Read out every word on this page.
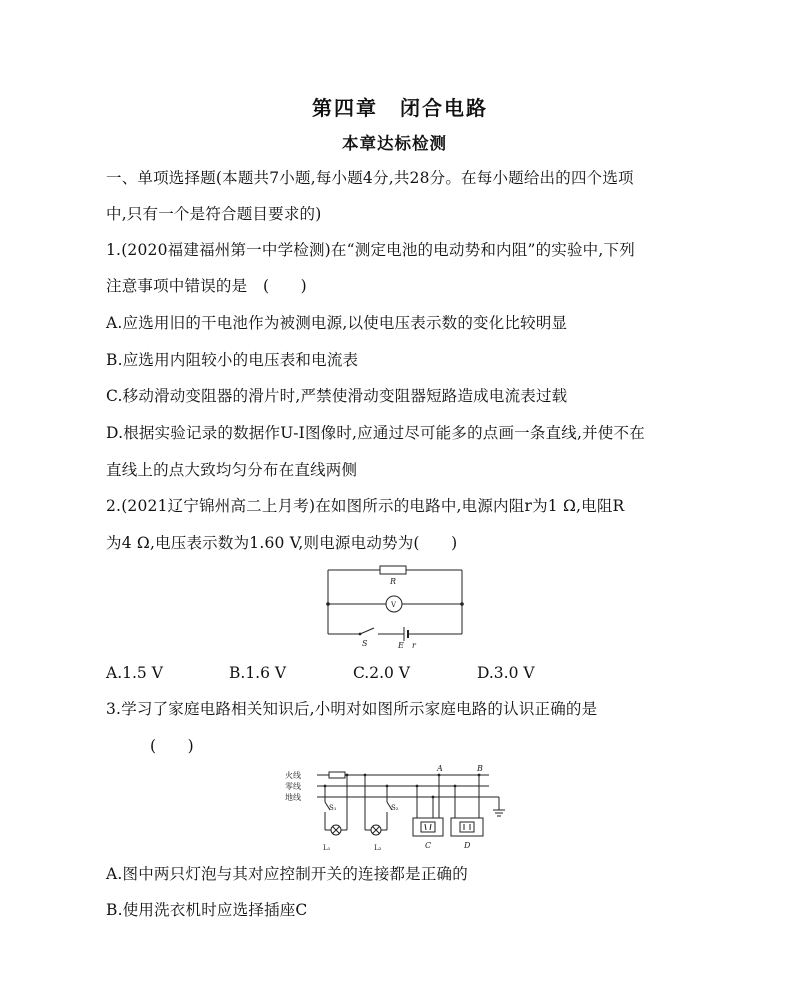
第四章　闭合电路
本章达标检测
一、单项选择题(本题共7小题,每小题4分,共28分。在每小题给出的四个选项
中,只有一个是符合题目要求的)
1.(2020福建福州第一中学检测)在“测定电池的电动势和内阻”的实验中,下列
注意事项中错误的是　(　　)
A.应选用旧的干电池作为被测电源,以使电压表示数的变化比较明显
B.应选用内阻较小的电压表和电流表
C.移动滑动变阻器的滑片时,严禁使滑动变阻器短路造成电流表过载
D.根据实验记录的数据作U-I图像时,应通过尽可能多的点画一条直线,并使不在
直线上的点大致均匀分布在直线两侧
2.(2021辽宁锦州高二上月考)在如图所示的电路中,电源内阻r为1 Ω,电阻R
为4 Ω,电压表示数为1.60 V,则电源电动势为(　　)
R
V
S	E r
A.1.5 V	B.1.6 V	C.2.0 V	D.3.0 V
3.学习了家庭电路相关知识后,小明对如图所示家庭电路的认识正确的是
(　　)
火线
零线
地线
A	B
S₁	S₂
L₁	L₂	C	D
A.图中两只灯泡与其对应控制开关的连接都是正确的
B.使用洗衣机时应选择插座C
